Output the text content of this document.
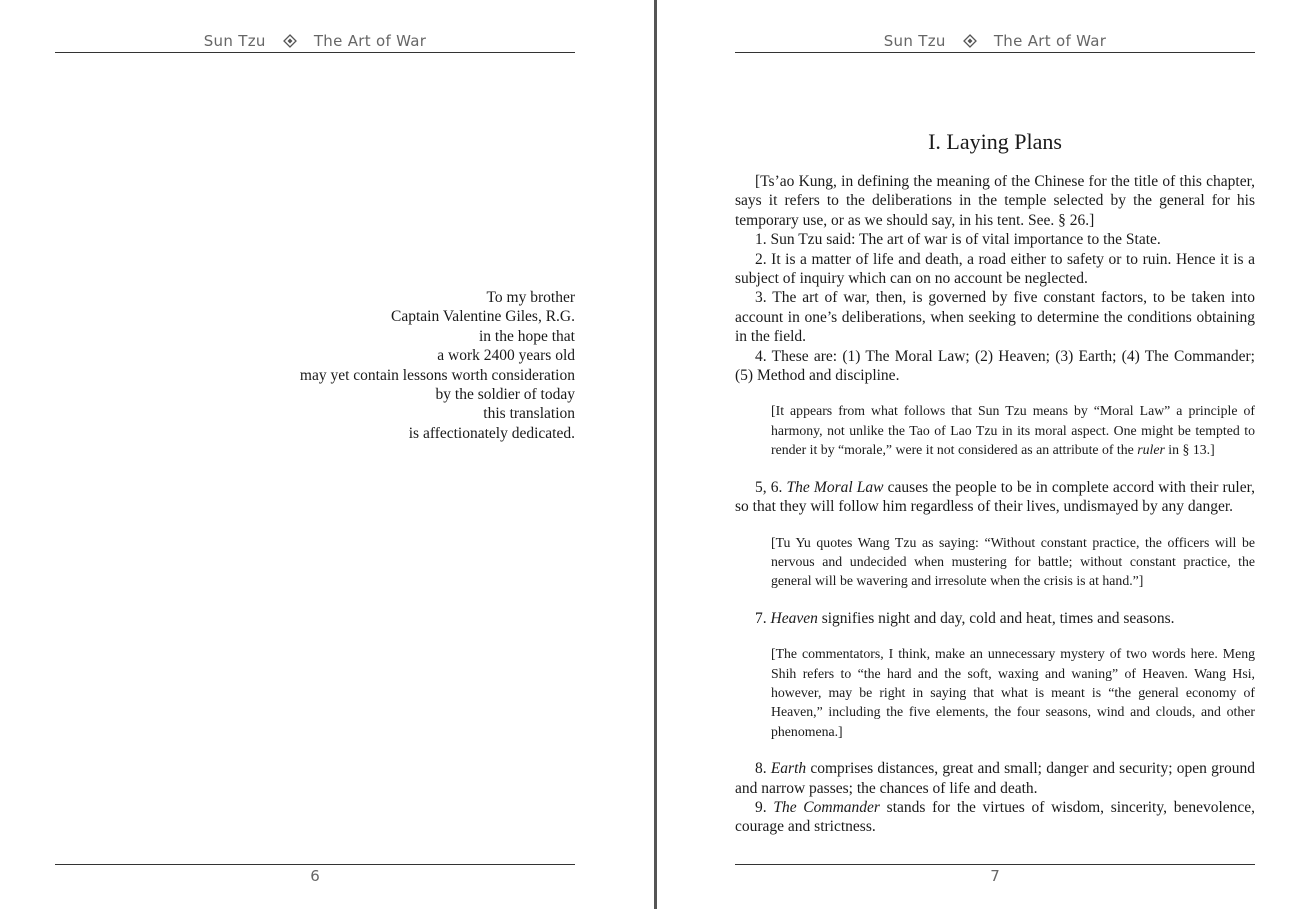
Sun Tzu	The Art of War
To my brother
Captain Valentine Giles, R.G.
in the hope that
a work 2400 years old
may yet contain lessons worth consideration
by the soldier of today
this translation
is affectionately dedicated.
6
Sun Tzu	The Art of War
I. Laying Plans

[Ts’ao Kung, in defining the meaning of the Chinese for the title of this chapter, says it refers to the deliberations in the temple selected by the general for his temporary use, or as we should say, in his tent. See. § 26.]

1. Sun Tzu said: The art of war is of vital importance to the State.

2. It is a matter of life and death, a road either to safety or to ruin. Hence it is a subject of inquiry which can on no account be neglected.

3. The art of war, then, is governed by five constant factors, to be taken into account in one’s deliberations, when seeking to determine the conditions obtaining in the field.

4. These are: (1) The Moral Law; (2) Heaven; (3) Earth; (4) The Commander; (5) Method and discipline.

[It appears from what follows that Sun Tzu means by “Moral Law” a principle of harmony, not unlike the Tao of Lao Tzu in its moral aspect. One might be tempted to render it by “morale,” were it not considered as an attribute of the ruler in § 13.]

5, 6. The Moral Law causes the people to be in complete accord with their ruler, so that they will follow him regardless of their lives, undismayed by any danger.

[Tu Yu quotes Wang Tzu as saying: “Without constant practice, the officers will be nervous and undecided when mustering for battle; without constant practice, the general will be wavering and irresolute when the crisis is at hand.”]

7. Heaven signifies night and day, cold and heat, times and seasons.

[The commentators, I think, make an unnecessary mystery of two words here. Meng Shih refers to “the hard and the soft, waxing and waning” of Heaven. Wang Hsi, however, may be right in saying that what is meant is “the general economy of Heaven,” including the five elements, the four seasons, wind and clouds, and other phenomena.]

8. Earth comprises distances, great and small; danger and security; open ground and narrow passes; the chances of life and death.

9. The Commander stands for the virtues of wisdom, sincerity, benevolence, courage and strictness.

7
